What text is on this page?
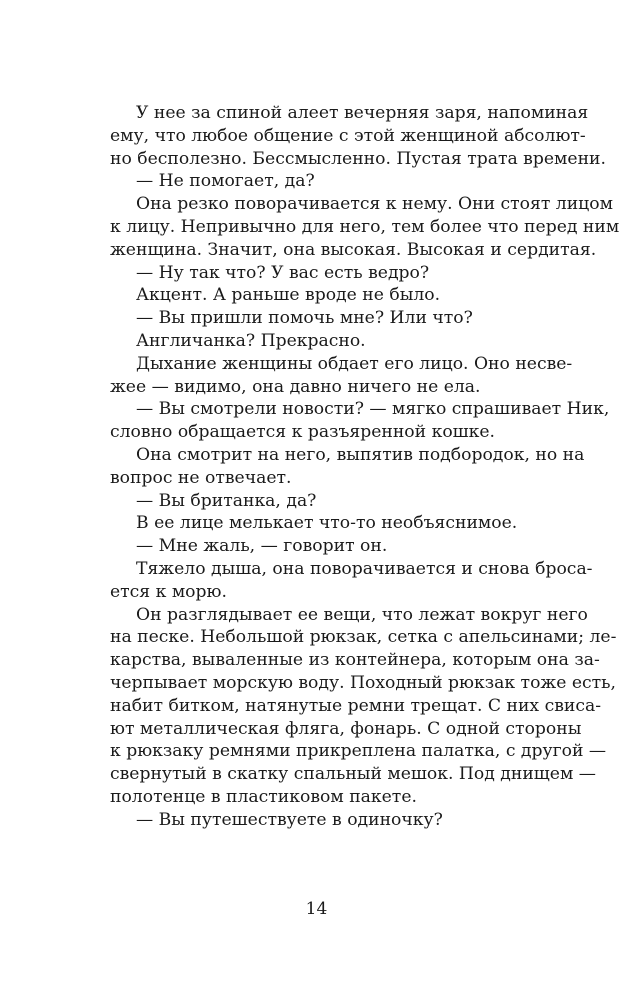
У нее за спиной алеет вечерняя заря, напоминая
ему, что любое общение с этой женщиной абсолют-
но бесполезно. Бессмысленно. Пустая трата времени.
— Не помогает, да?
Она резко поворачивается к нему. Они стоят лицом
к лицу. Непривычно для него, тем более что перед ним
женщина. Значит, она высокая. Высокая и сердитая.
— Ну так что? У вас есть ведро?
Акцент. А раньше вроде не было.
— Вы пришли помочь мне? Или что?
Англичанка? Прекрасно.
Дыхание женщины обдает его лицо. Оно несве-
жее — видимо, она давно ничего не ела.
— Вы смотрели новости? — мягко спрашивает Ник,
словно обращается к разъяренной кошке.
Она смотрит на него, выпятив подбородок, но на
вопрос не отвечает.
— Вы британка, да?
В ее лице мелькает что-то необъяснимое.
— Мне жаль, — говорит он.
Тяжело дыша, она поворачивается и снова броса-
ется к морю.
Он разглядывает ее вещи, что лежат вокруг него
на песке. Небольшой рюкзак, сетка с апельсинами; ле-
карства, вываленные из контейнера, которым она за-
черпывает морскую воду. Походный рюкзак тоже есть,
набит битком, натянутые ремни трещат. С них свиса-
ют металлическая фляга, фонарь. С одной стороны
к рюкзаку ремнями прикреплена палатка, с другой —
свернутый в скатку спальный мешок. Под днищем —
полотенце в пластиковом пакете.
— Вы путешествуете в одиночку?
14
